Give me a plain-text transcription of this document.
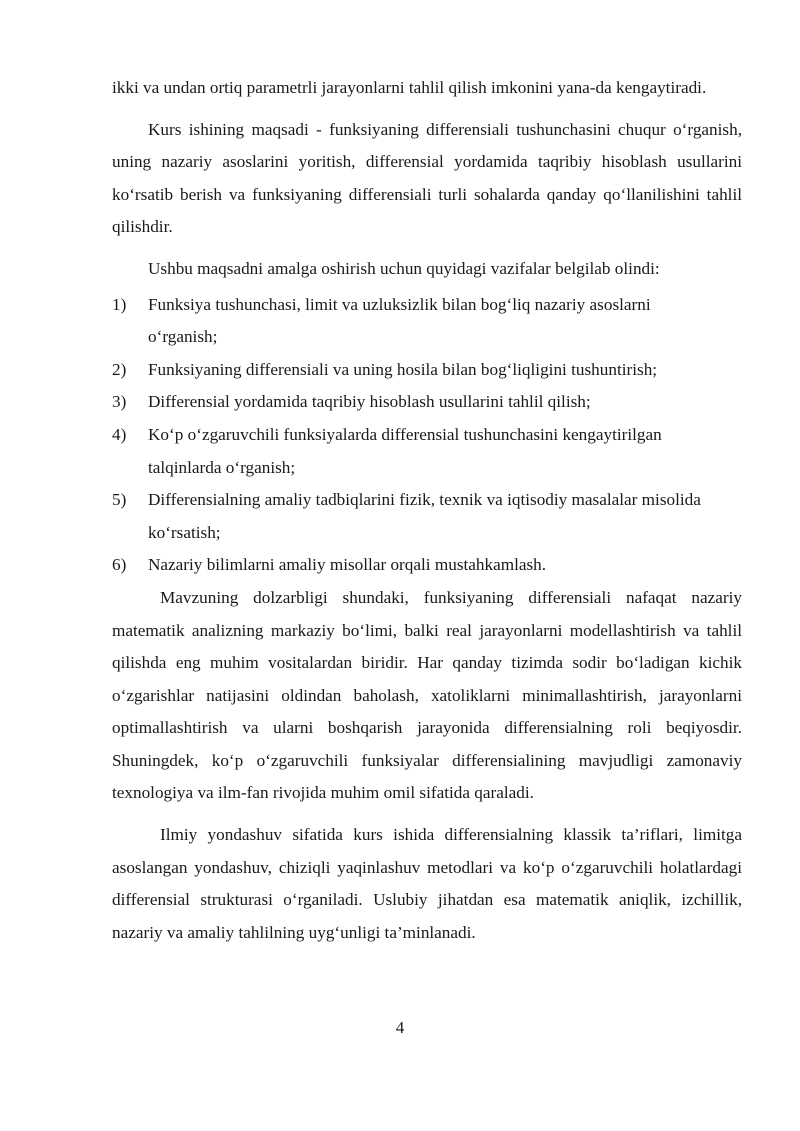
ikki va undan ortiq parametrli jarayonlarni tahlil qilish imkonini yana-da kengaytiradi.

Kurs ishining maqsadi - funksiyaning differensiali tushunchasini chuqur o‘rganish, uning nazariy asoslarini yoritish, differensial yordamida taqribiy hisoblash usullarini ko‘rsatib berish va funksiyaning differensiali turli sohalarda qanday qo‘llanilishini tahlil qilishdir.

Ushbu maqsadni amalga oshirish uchun quyidagi vazifalar belgilab olindi:

1)	Funksiya tushunchasi, limit va uzluksizlik bilan bog‘liq nazariy asoslarni o‘rganish;
2)	Funksiyaning differensiali va uning hosila bilan bog‘liqligini tushuntirish;
3)	Differensial yordamida taqribiy hisoblash usullarini tahlil qilish;
4)	Ko‘p o‘zgaruvchili funksiyalarda differensial tushunchasini kengaytirilgan talqinlarda o‘rganish;
5)	Differensialning amaliy tadbiqlarini fizik, texnik va iqtisodiy masalalar misolida ko‘rsatish;
6)	Nazariy bilimlarni amaliy misollar orqali mustahkamlash.

Mavzuning dolzarbligi shundaki, funksiyaning differensiali nafaqat nazariy matematik analizning markaziy bo‘limi, balki real jarayonlarni modellashtirish va tahlil qilishda eng muhim vositalardan biridir. Har qanday tizimda sodir bo‘ladigan kichik o‘zgarishlar natijasini oldindan baholash, xatoliklarni minimallashtirish, jarayonlarni optimallashtirish va ularni boshqarish jarayonida differensialning roli beqiyosdir. Shuningdek, ko‘p o‘zgaruvchili funksiyalar differensialining mavjudligi zamonaviy texnologiya va ilm-fan rivojida muhim omil sifatida qaraladi.

Ilmiy yondashuv sifatida kurs ishida differensialning klassik ta’riflari, limitga asoslangan yondashuv, chiziqli yaqinlashuv metodlari va ko‘p o‘zgaruvchili holatlardagi differensial strukturasi o‘rganiladi. Uslubiy jihatdan esa matematik aniqlik, izchillik, nazariy va amaliy tahlilning uyg‘unligi ta’minlanadi.

4
